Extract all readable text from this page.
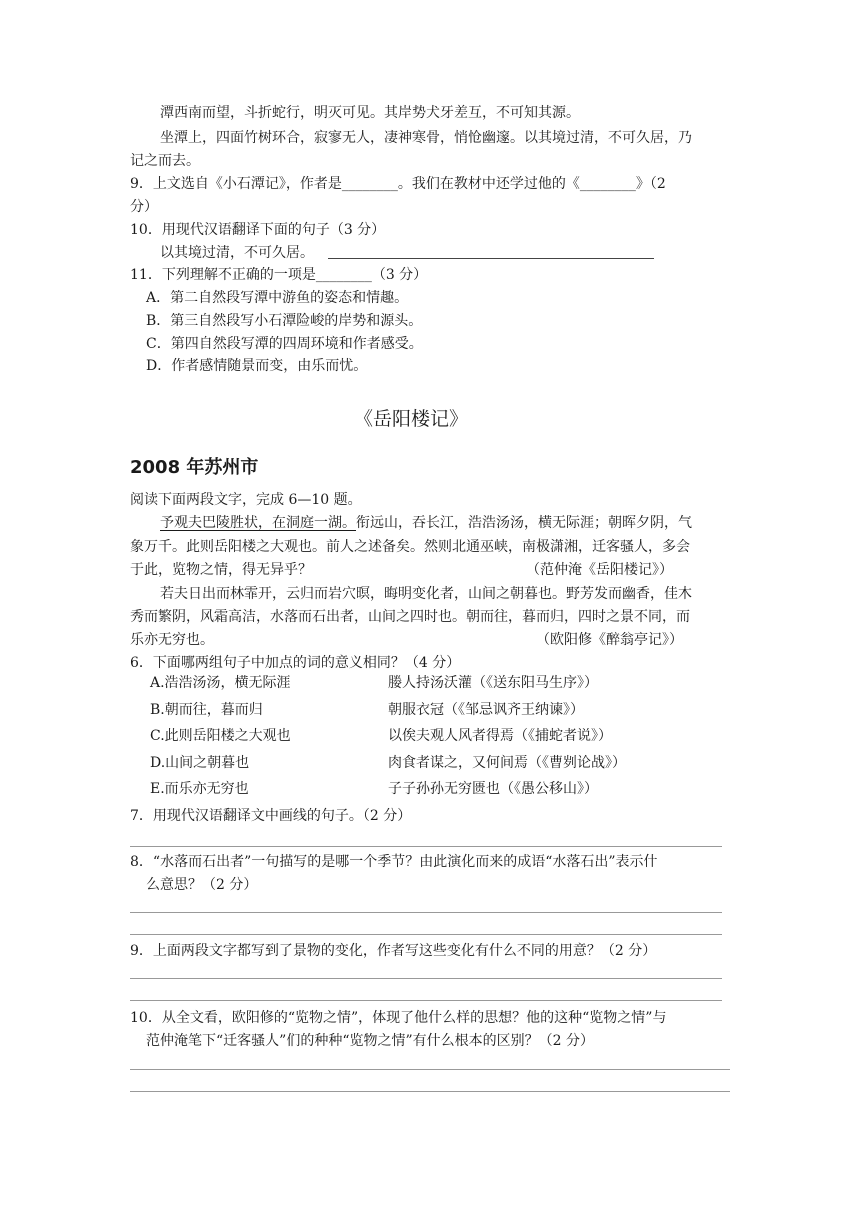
潭西南而望，斗折蛇行，明灭可见。其岸势犬牙差互，不可知其源。
坐潭上，四面竹树环合，寂寥无人，凄神寒骨，悄怆幽邃。以其境过清，不可久居，乃
记之而去。
9．上文选自《小石潭记》，作者是________。我们在教材中还学过他的《________》（2
分）
10．用现代汉语翻译下面的句子（3 分）
以其境过清，不可久居。
11．下列理解不正确的一项是________（3 分）
A．第二自然段写潭中游鱼的姿态和情趣。
B．第三自然段写小石潭险峻的岸势和源头。
C．第四自然段写潭的四周环境和作者感受。
D．作者感情随景而变，由乐而忧。
《岳阳楼记》
2008 年苏州市
阅读下面两段文字，完成 6—10 题。
予观夫巴陵胜状，在洞庭一湖。衔远山，吞长江，浩浩汤汤，横无际涯；朝晖夕阴，气
象万千。此则岳阳楼之大观也。前人之述备矣。然则北通巫峡，南极潇湘，迁客骚人，多会
于此，览物之情，得无异乎？	（范仲淹《岳阳楼记》）
若夫日出而林霏开，云归而岩穴暝，晦明变化者，山间之朝暮也。野芳发而幽香，佳木
秀而繁阴，风霜高洁，水落而石出者，山间之四时也。朝而往，暮而归，四时之景不同，而
乐亦无穷也。	（欧阳修《醉翁亭记》）
6．下面哪两组句子中加点的词的意义相同？（4 分）
A.浩浩汤汤，横无际涯	媵人持汤沃灌（《送东阳马生序》）
B.朝而往，暮而归	朝服衣冠（《邹忌讽齐王纳谏》）
C.此则岳阳楼之大观也	以俟夫观人风者得焉（《捕蛇者说》）
D.山间之朝暮也	肉食者谋之，又何间焉（《曹刿论战》）
E.而乐亦无穷也	子子孙孙无穷匮也（《愚公移山》）
7．用现代汉语翻译文中画线的句子。（2 分）
8．“水落而石出者”一句描写的是哪一个季节？由此演化而来的成语“水落石出”表示什
么意思？（2 分）
9．上面两段文字都写到了景物的变化，作者写这些变化有什么不同的用意？（2 分）
10．从全文看，欧阳修的“览物之情”，体现了他什么样的思想？他的这种“览物之情”与
范仲淹笔下“迁客骚人”们的种种“览物之情”有什么根本的区别？（2 分）
